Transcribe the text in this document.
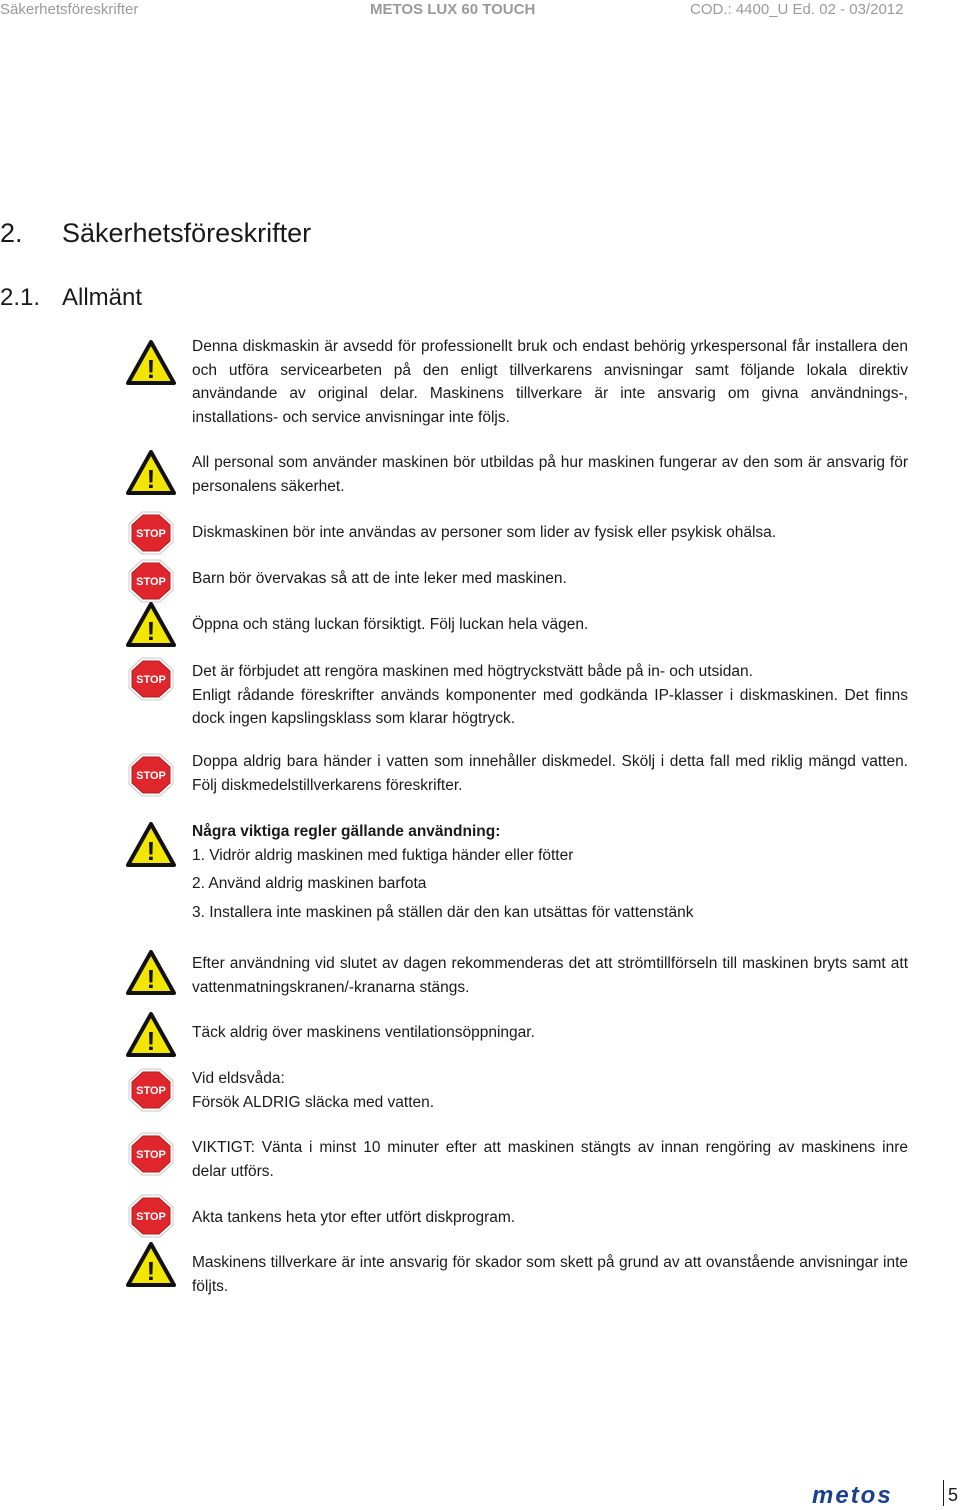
Säkerhetsföreskrifter	METOS LUX 60 TOUCH	COD.: 4400_U Ed. 02 - 03/2012
2. Säkerhetsföreskrifter
2.1. Allmänt
!
Denna diskmaskin är avsedd för professionellt bruk och endast behörig yrkespersonal får installera den och utföra servicearbeten på den enligt tillverkarens anvisningar samt följande lokala direktiv användande av original delar. Maskinens tillverkare är inte ansvarig om givna användnings-, installations- och service anvisningar inte följs.
!
All personal som använder maskinen bör utbildas på hur maskinen fungerar av den som är ansvarig för personalens säkerhet.
STOP Diskmaskinen bör inte användas av personer som lider av fysisk eller psykisk ohälsa.
STOP Barn bör övervakas så att de inte leker med maskinen.
! Öppna och stäng luckan försiktigt. Följ luckan hela vägen.
STOP Det är förbjudet att rengöra maskinen med högtryckstvätt både på in- och utsidan.
Enligt rådande föreskrifter används komponenter med godkända IP-klasser i diskmaskinen. Det finns dock ingen kapslingsklass som klarar högtryck.
STOP
Doppa aldrig bara händer i vatten som innehåller diskmedel. Skölj i detta fall med riklig mängd vatten. Följ diskmedelstillverkarens föreskrifter.
!
Några viktiga regler gällande användning:
1. Vidrör aldrig maskinen med fuktiga händer eller fötter
2. Använd aldrig maskinen barfota
3. Installera inte maskinen på ställen där den kan utsättas för vattenstänk
!
Efter användning vid slutet av dagen rekommenderas det att strömtillförseln till maskinen bryts samt att vattenmatningskranen/-kranarna stängs.
! Täck aldrig över maskinens ventilationsöppningar.
STOP
Vid eldsvåda:
Försök ALDRIG släcka med vatten.
STOP VIKTIGT: Vänta i minst 10 minuter efter att maskinen stängts av innan rengöring av maskinens inre delar utförs.
STOP Akta tankens heta ytor efter utfört diskprogram.
! Maskinens tillverkare är inte ansvarig för skador som skett på grund av att ovanstående anvisningar inte följts.
metos	5
